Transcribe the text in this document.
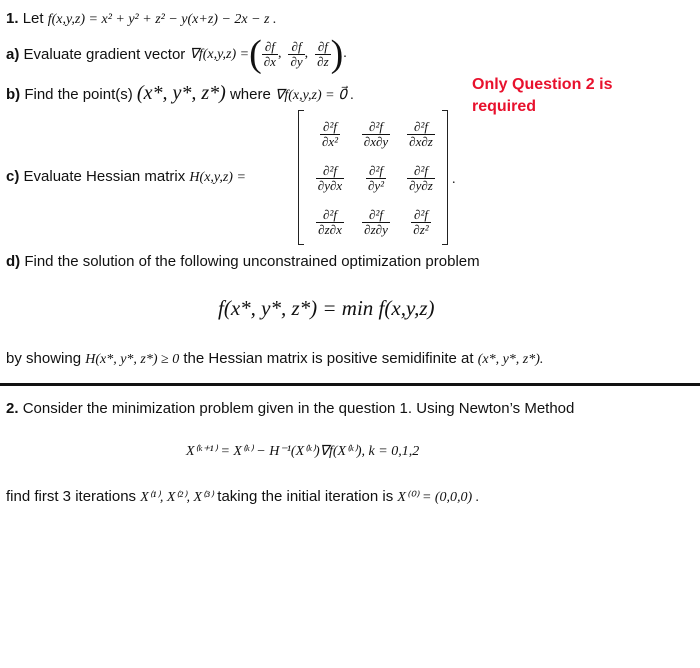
1. Let f(x,y,z) = x² + y² + z² − y(x+z) − 2x − z .
a)
Evaluate gradient vector
∇f(x,y,z) = ( $\frac{\partial f}{\partial x}$ , $\frac{\partial f}{\partial y}$ , $\frac{\partial f}{\partial z}$ ) .
b) Find the point(s) (x*, y*, z*) where ∇f(x,y,z) = 0⃗ .
Only Question 2 is
required
c) Evaluate Hessian matrix H(x,y,z) =
$\frac{\text{∂²f}}{\text{∂x²}} \frac{\text{∂²f}}{\partial x\partial y} \frac{\text{∂²f}}{\partial x\partial z}$
$\frac{\text{∂²f}}{\partial y\partial x} \frac{\text{∂²f}}{\text{∂y²}} \frac{\text{∂²f}}{\partial y\partial z}$
$\frac{\text{∂²f}}{\partial z\partial x} \frac{\text{∂²f}}{\partial z\partial y} \frac{\text{∂²f}}{\text{∂z²}}$
.
d) Find the solution of the following unconstrained optimization problem
f(x*, y*, z*) = min f(x,y,z)
by showing H(x*, y*, z*) ≥ 0 the Hessian matrix is positive semidifinite at (x*, y*, z*).
2. Consider the minimization problem given in the question 1. Using Newton’s Method
X⁽ᵏ⁺¹⁾ = X⁽ᵏ⁾ − H⁻¹(X⁽ᵏ⁾)∇f(X⁽ᵏ⁾), k = 0,1,2
find first 3 iterations X⁽¹⁾, X⁽²⁾, X⁽³⁾ taking the initial iteration is X⁽⁰⁾ = (0,0,0) .
